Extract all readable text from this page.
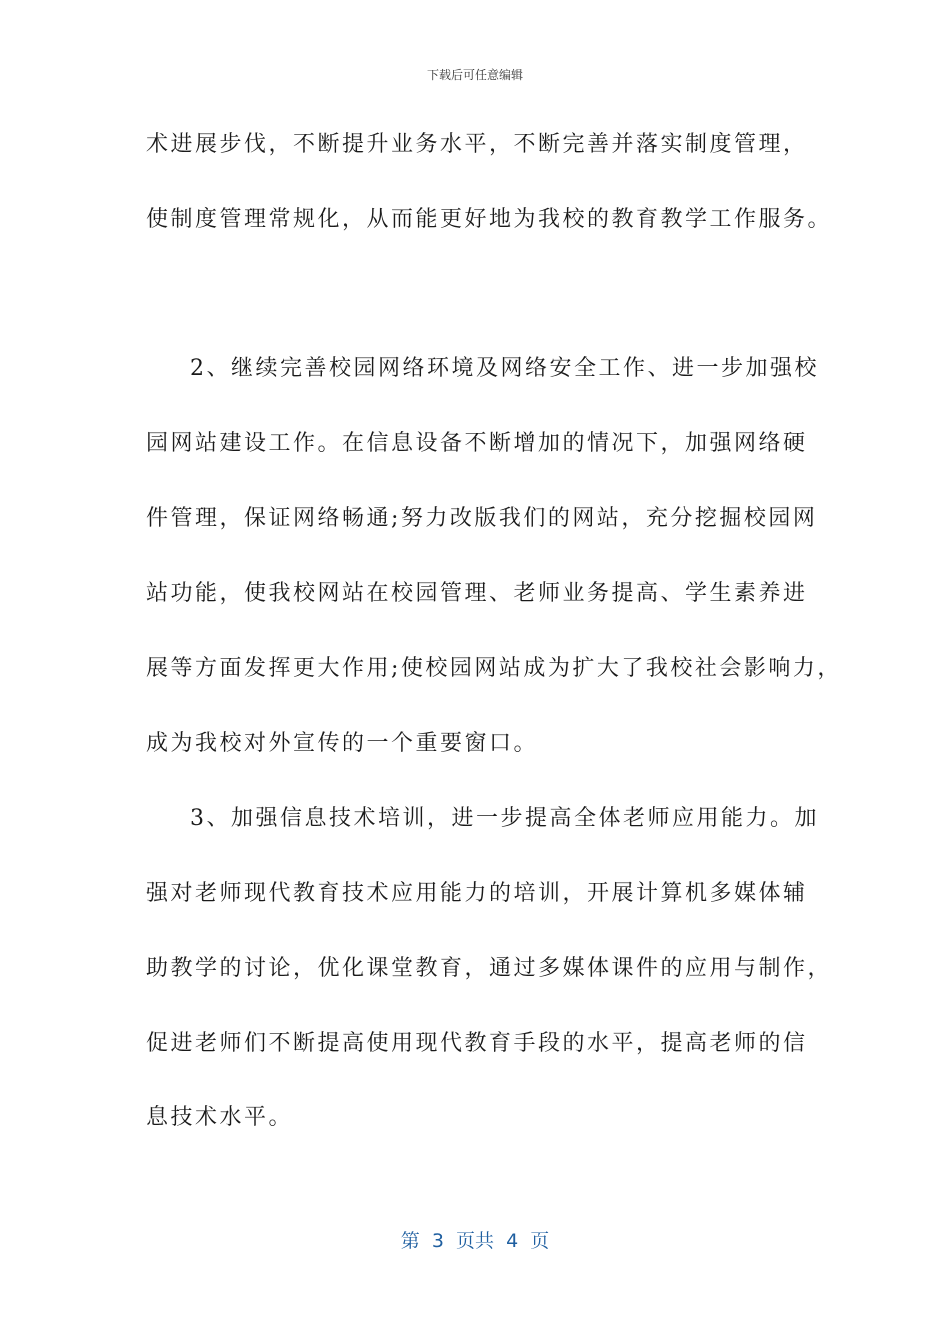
下载后可任意编辑
术进展步伐，不断提升业务水平，不断完善并落实制度管理，
使制度管理常规化，从而能更好地为我校的教育教学工作服务。
2、继续完善校园网络环境及网络安全工作、进一步加强校
园网站建设工作。在信息设备不断增加的情况下，加强网络硬
件管理，保证网络畅通;努力改版我们的网站，充分挖掘校园网
站功能，使我校网站在校园管理、老师业务提高、学生素养进
展等方面发挥更大作用;使校园网站成为扩大了我校社会影响力，
成为我校对外宣传的一个重要窗口。
3、加强信息技术培训，进一步提高全体老师应用能力。加
强对老师现代教育技术应用能力的培训，开展计算机多媒体辅
助教学的讨论，优化课堂教育，通过多媒体课件的应用与制作，
促进老师们不断提高使用现代教育手段的水平，提高老师的信
息技术水平。
第  3  页共  4  页
